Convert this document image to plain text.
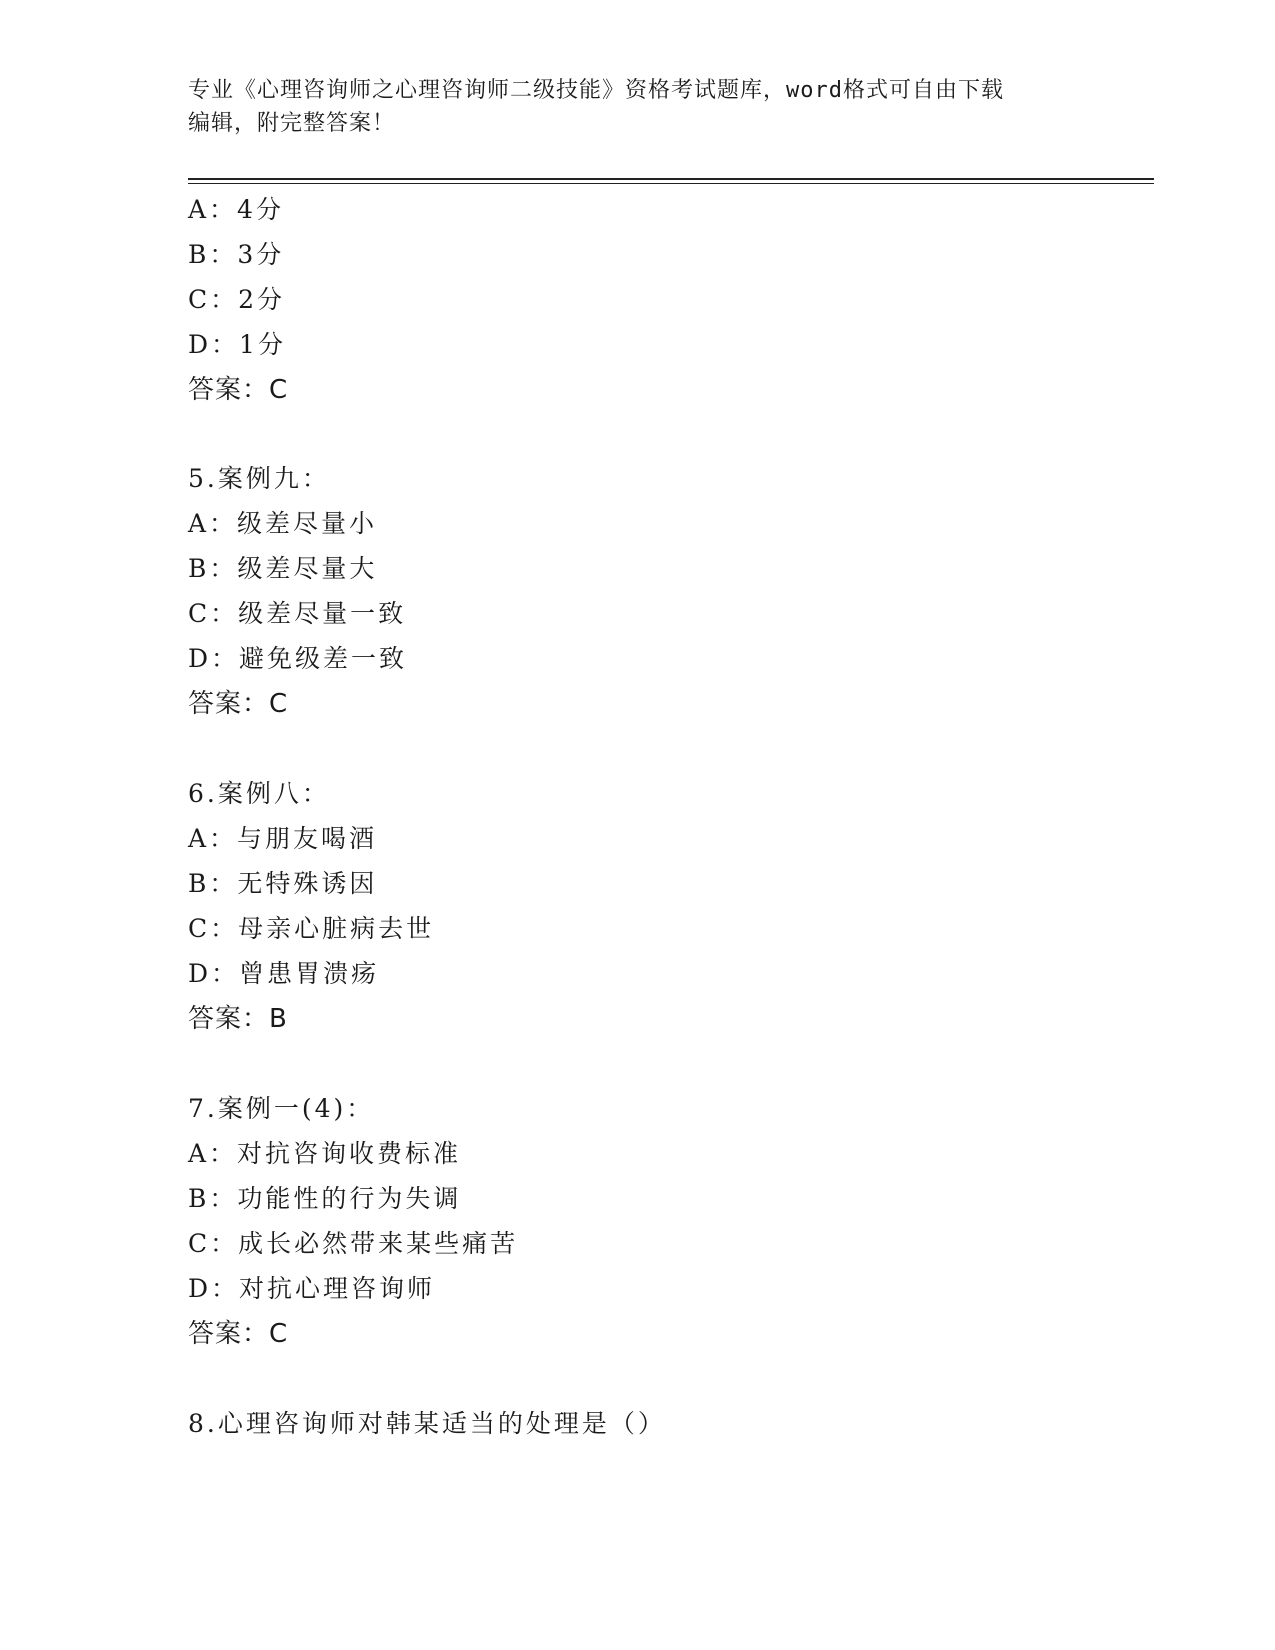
专业《心理咨询师之心理咨询师二级技能》资格考试题库，word格式可自由下载
编辑，附完整答案！
A：4分
B：3分
C：2分
D：1分
答案：C
5.案例九：
A：级差尽量小
B：级差尽量大
C：级差尽量一致
D：避免级差一致
答案：C
6.案例八：
A：与朋友喝酒
B：无特殊诱因
C：母亲心脏病去世
D：曾患胃溃疡
答案：B
7.案例一(4)：
A：对抗咨询收费标准
B：功能性的行为失调
C：成长必然带来某些痛苦
D：对抗心理咨询师
答案：C
8.心理咨询师对韩某适当的处理是（）
